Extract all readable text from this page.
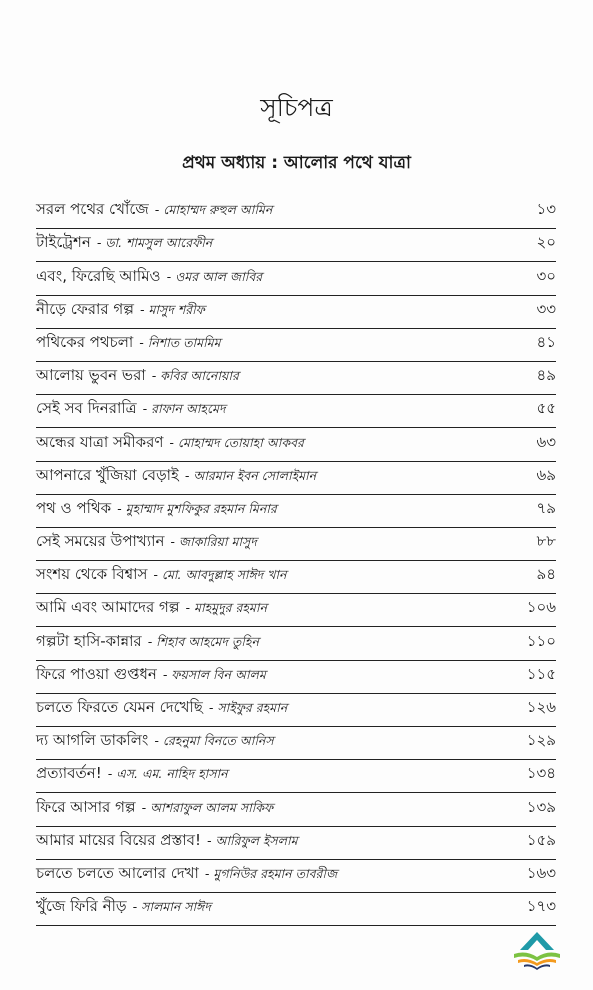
সূচিপত্র
প্রথম অধ্যায় : আলোর পথে যাত্রা
সরল পথের খোঁজে - মোহাম্মদ রুহুল আমিন	১৩
টাইট্রেশন - ডা. শামসুল আরেফীন	২০
এবং, ফিরেছি আমিও - ওমর আল জাবির	৩০
নীড়ে ফেরার গল্প - মাসুদ শরীফ	৩৩
পথিকের পথচলা - নিশাত তামমিম	৪১
আলোয় ভুবন ভরা - কবির আনোয়ার	৪৯
সেই সব দিনরাত্রি - রাফান আহমেদ	৫৫
অন্ধের যাত্রা সমীকরণ - মোহাম্মদ তোয়াহা আকবর	৬৩
আপনারে খুঁজিয়া বেড়াই - আরমান ইবন সোলাইমান	৬৯
পথ ও পথিক - মুহাম্মাদ মুশফিকুর রহমান মিনার	৭৯
সেই সময়ের উপাখ্যান - জাকারিয়া মাসুদ	৮৮
সংশয় থেকে বিশ্বাস - মো. আবদুল্লাহ সাঈদ খান	৯৪
আমি এবং আমাদের গল্প - মাহমুদুর রহমান	১০৬
গল্পটা হাসি-কান্নার - শিহাব আহমেদ তুহিন	১১০
ফিরে পাওয়া গুপ্তধন - ফয়সাল বিন আলম	১১৫
চলতে ফিরতে যেমন দেখেছি - সাইফুর রহমান	১২৬
দ্য আগলি ডাকলিং - রেহনুমা বিনতে আনিস	১২৯
প্রত্যাবর্তন! - এস. এম. নাহিদ হাসান	১৩৪
ফিরে আসার গল্প - আশরাফুল আলম সাকিফ	১৩৯
আমার মায়ের বিয়ের প্রস্তাব! - আরিফুল ইসলাম	১৫৯
চলতে চলতে আলোর দেখা - মুগনিউর রহমান তাবরীজ	১৬৩
খুঁজে ফিরি নীড় - সালমান সাঈদ	১৭৩
